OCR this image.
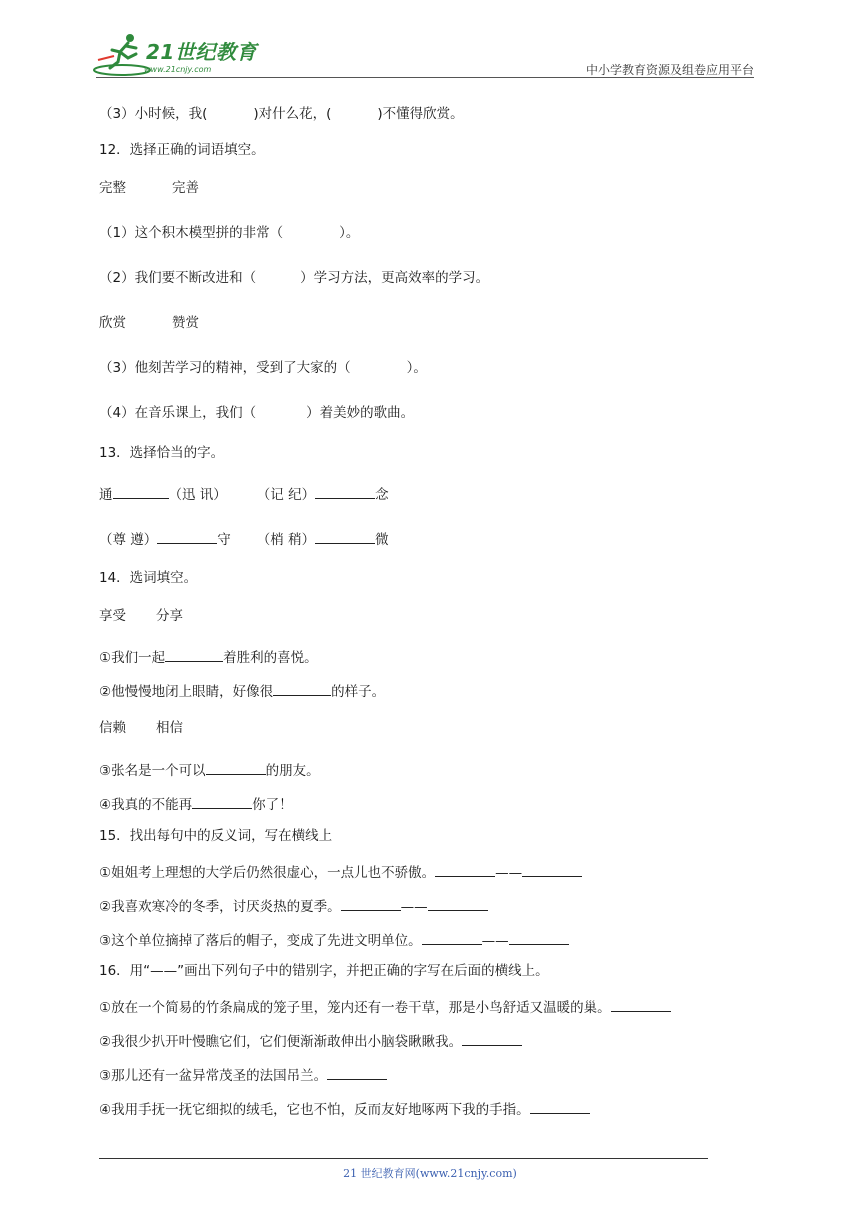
21世纪教育
www.21cnjy.com	中小学教育资源及组卷应用平台
（3）小时候，我(	)对什么花，(	)不懂得欣赏。
12．选择正确的词语填空。
完整	完善
（1）这个积木模型拼的非常（	）。
（2）我们要不断改进和（	）学习方法，更高效率的学习。
欣赏	赞赏
（3）他刻苦学习的精神，受到了大家的（	）。
（4）在音乐课上，我们（	）着美妙的歌曲。
13．选择恰当的字。
通	（迅 讯） （记 纪）	念
（尊 遵）	守 （梢 稍）	微
14．选词填空。
享受 分享
①我们一起	着胜利的喜悦。
②他慢慢地闭上眼睛，好像很	的样子。
信赖 相信
③张名是一个可以	的朋友。
④我真的不能再	你了！
15．找出每句中的反义词，写在横线上
①姐姐考上理想的大学后仍然很虚心，一点儿也不骄傲。	——
②我喜欢寒冷的冬季，讨厌炎热的夏季。	——
③这个单位摘掉了落后的帽子，变成了先进文明单位。	——
16．用“——”画出下列句子中的错别字，并把正确的字写在后面的横线上。
①放在一个简易的竹条扁成的笼子里，笼内还有一卷干草，那是小鸟舒适又温暖的巢。
②我很少扒开叶慢瞧它们，它们便渐渐敢伸出小脑袋瞅瞅我。
③那儿还有一盆异常茂圣的法国吊兰。
④我用手抚一抚它细拟的绒毛，它也不怕，反而友好地啄两下我的手指。
21 世纪教育网(www.21cnjy.com)
